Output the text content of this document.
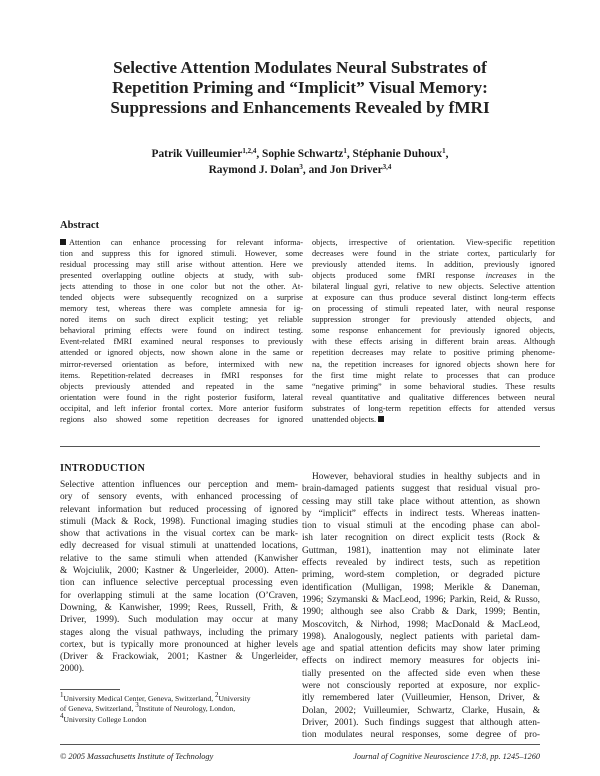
Selective Attention Modulates Neural Substrates of
Repetition Priming and “Implicit” Visual Memory:
Suppressions and Enhancements Revealed by fMRI
Patrik Vuilleumier$^{1,2,4}$, Sophie Schwartz$^1$, Stéphanie Duhoux$^1$,
Raymond J. Dolan$^3$, and Jon Driver$^{3,4}$
Abstract
Attention can enhance processing for relevant informa-
tion and suppress this for ignored stimuli. However, some
residual processing may still arise without attention. Here we
presented overlapping outline objects at study, with sub-
jects attending to those in one color but not the other. At-
tended objects were subsequently recognized on a surprise
memory test, whereas there was complete amnesia for ig-
nored items on such direct explicit testing; yet reliable
behavioral priming effects were found on indirect testing.
Event-related fMRI examined neural responses to previously
attended or ignored objects, now shown alone in the same or
mirror-reversed orientation as before, intermixed with new
items. Repetition-related decreases in fMRI responses for
objects previously attended and repeated in the same
orientation were found in the right posterior fusiform, lateral
occipital, and left inferior frontal cortex. More anterior fusiform
regions also showed some repetition decreases for ignored
objects, irrespective of orientation. View-specific repetition
decreases were found in the striate cortex, particularly for
previously attended items. In addition, previously ignored
objects produced some fMRI response increases in the
bilateral lingual gyri, relative to new objects. Selective attention
at exposure can thus produce several distinct long-term effects
on processing of stimuli repeated later, with neural response
suppression stronger for previously attended objects, and
some response enhancement for previously ignored objects,
with these effects arising in different brain areas. Although
repetition decreases may relate to positive priming phenome-
na, the repetition increases for ignored objects shown here for
the first time might relate to processes that can produce
“negative priming” in some behavioral studies. These results
reveal quantitative and qualitative differences between neural
substrates of long-term repetition effects for attended versus
unattended objects.
INTRODUCTION
Selective attention influences our perception and mem-
ory of sensory events, with enhanced processing of
relevant information but reduced processing of ignored
stimuli (Mack & Rock, 1998). Functional imaging studies
show that activations in the visual cortex can be mark-
edly decreased for visual stimuli at unattended locations,
relative to the same stimuli when attended (Kanwisher
& Wojciulik, 2000; Kastner & Ungerleider, 2000). Atten-
tion can influence selective perceptual processing even
for overlapping stimuli at the same location (O’Craven,
Downing, & Kanwisher, 1999; Rees, Russell, Frith, &
Driver, 1999). Such modulation may occur at many
stages along the visual pathways, including the primary
cortex, but is typically more pronounced at higher levels
(Driver & Frackowiak, 2001; Kastner & Ungerleider,
2000).
However, behavioral studies in healthy subjects and in
brain-damaged patients suggest that residual visual pro-
cessing may still take place without attention, as shown
by “implicit” effects in indirect tests. Whereas inatten-
tion to visual stimuli at the encoding phase can abol-
ish later recognition on direct explicit tests (Rock &
Guttman, 1981), inattention may not eliminate later
effects revealed by indirect tests, such as repetition
priming, word-stem completion, or degraded picture
identification (Mulligan, 1998; Merikle & Daneman,
1996; Szymanski & MacLeod, 1996; Parkin, Reid, & Russo,
1990; although see also Crabb & Dark, 1999; Bentin,
Moscovitch, & Nirhod, 1998; MacDonald & MacLeod,
1998). Analogously, neglect patients with parietal dam-
age and spatial attention deficits may show later priming
effects on indirect memory measures for objects ini-
tially presented on the affected side even when these
were not consciously reported at exposure, nor explic-
itly remembered later (Vuilleumier, Henson, Driver, &
Dolan, 2002; Vuilleumier, Schwartz, Clarke, Husain, &
Driver, 2001). Such findings suggest that although atten-
tion modulates neural responses, some degree of pro-
$^1$University Medical Center, Geneva, Switzerland, $^2$University
of Geneva, Switzerland, $^3$Institute of Neurology, London,
$^4$University College London
© 2005 Massachusetts Institute of Technology	Journal of Cognitive Neuroscience 17:8, pp. 1245–1260
